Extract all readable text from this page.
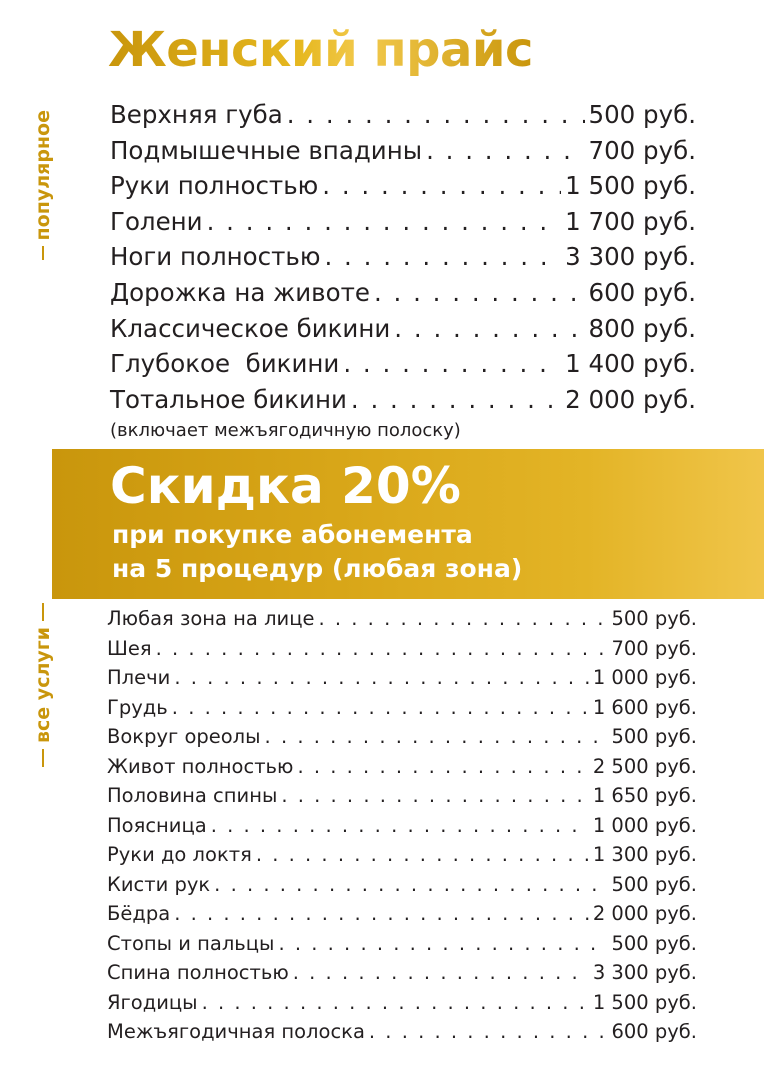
Женский прайс
популярное Верхняя губа . . .	500 руб.
Подмышечные впадины . . .	700 руб.
Руки полностью . . .	1 500 руб.
Голени . . .	1 700 руб.
Ноги полностью . . .	3 300 руб.
Дорожка на животе . . .	600 руб.
Классическое бикини . . .	800 руб.
Глубокое  бикини . . .	1 400 руб.
Тотальное бикини . . .	2 000 руб.
(включает межъягодичную полоску)
Скидка 20%
при покупке абонемента
на 5 процедур (любая зона)
все услуги
Любая зона на лице . . .	500 руб.
Шея . . .	700 руб.
Плечи . . .	1 000 руб.
Грудь . . .	1 600 руб.
Вокруг ореолы . . .	500 руб.
Живот полностью . . .	2 500 руб.
Половина спины . . .	1 650 руб.
Поясница . . .	1 000 руб.
Руки до локтя . . .	1 300 руб.
Кисти рук . . .	500 руб.
Бёдра . . .	2 000 руб.
Стопы и пальцы . . .	500 руб.
Спина полностью . . .	3 300 руб.
Ягодицы . . .	1 500 руб.
Межъягодичная полоска . . .	600 руб.
